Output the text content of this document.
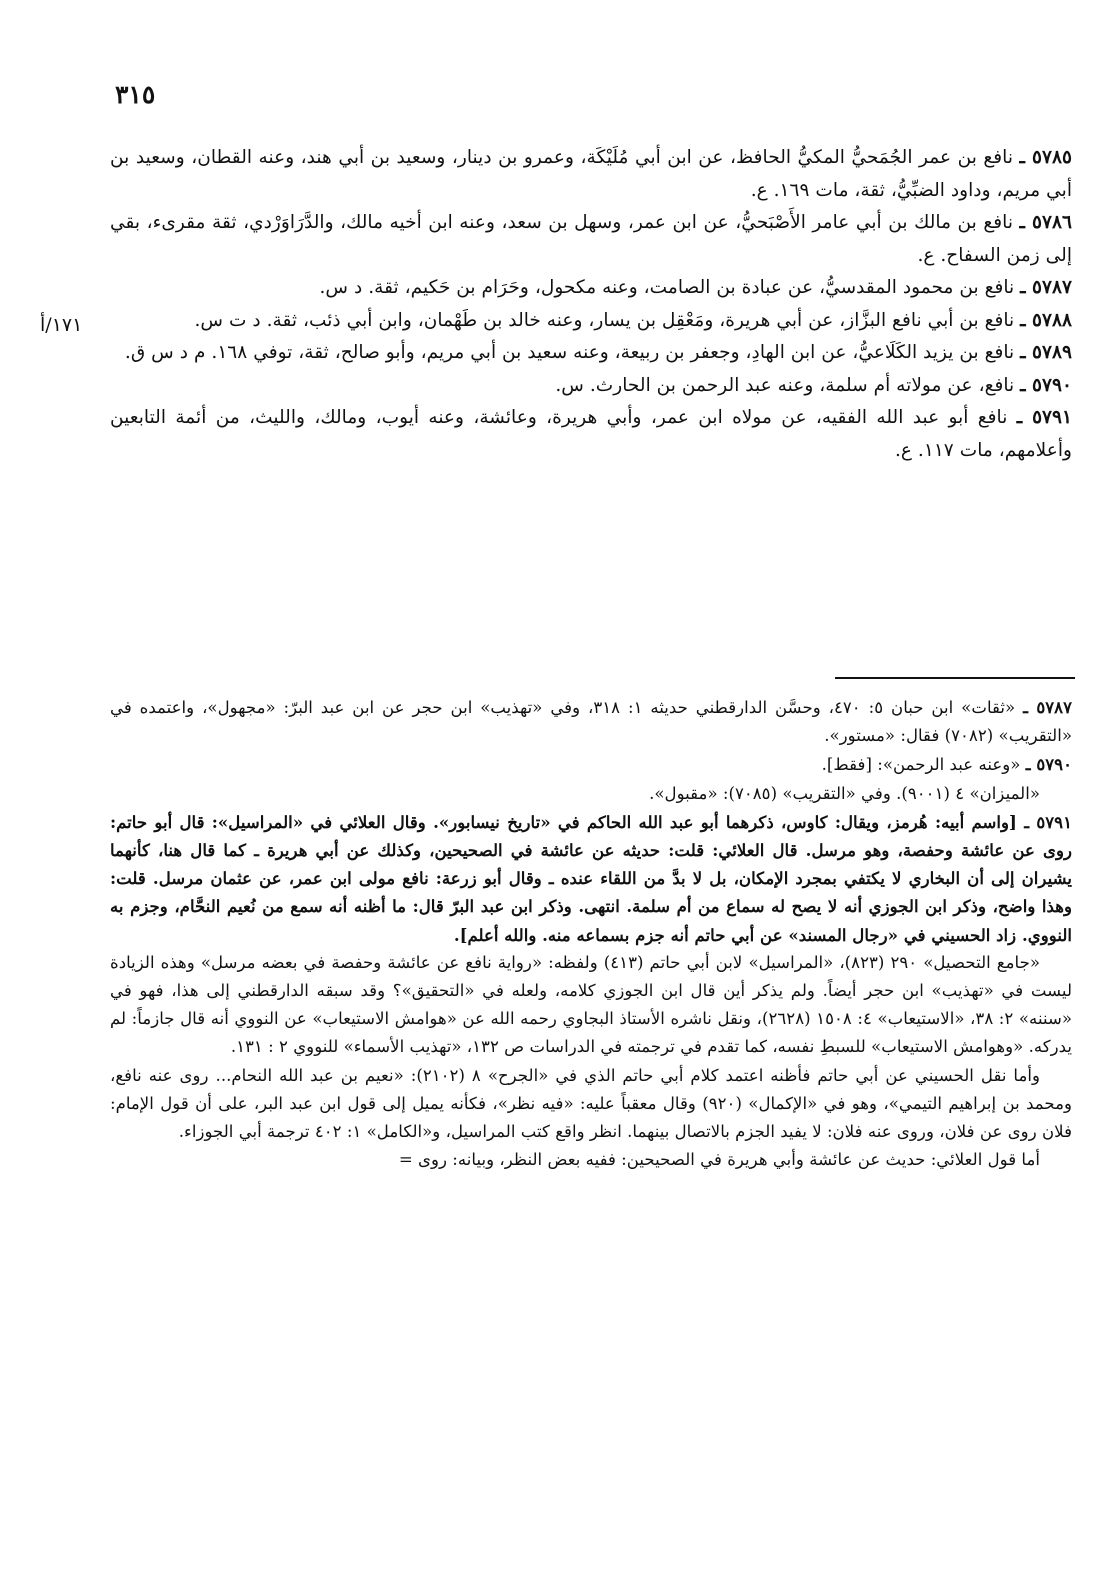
٣١٥
١٧١/أ

٥٧٨٥ ـ نافع بن عمر الجُمَحيُّ المكيُّ الحافظ، عن ابن أبي مُلَيْكَة، وعمرو بن دينار، وسعيد بن أبي هند، وعنه القطان، وسعيد بن أبي مريم، وداود الضبِّيُّ، ثقة، مات ١٦٩. ع.

٥٧٨٦ ـ نافع بن مالك بن أبي عامر الأَصْبَحيُّ، عن ابن عمر، وسهل بن سعد، وعنه ابن أخيه مالك، والدَّرَاوَرْدي، ثقة مقرىء، بقي إلى زمن السفاح. ع.

٥٧٨٧ ـ نافع بن محمود المقدسيُّ، عن عبادة بن الصامت، وعنه مكحول، وحَرَام بن حَكيم، ثقة. د س.

٥٧٨٨ ـ نافع بن أبي نافع البزَّاز، عن أبي هريرة، ومَعْقِل بن يسار، وعنه خالد بن طَهْمان، وابن أبي ذئب، ثقة. د ت س.

٥٧٨٩ ـ نافع بن يزيد الكَلَاعيُّ، عن ابن الهادِ، وجعفر بن ربيعة، وعنه سعيد بن أبي مريم، وأبو صالح، ثقة، توفي ١٦٨. م د س ق.

٥٧٩٠ ـ نافع، عن مولاته أم سلمة، وعنه عبد الرحمن بن الحارث. س.

٥٧٩١ ـ نافع أبو عبد الله الفقيه، عن مولاه ابن عمر، وأبي هريرة، وعائشة، وعنه أيوب، ومالك، والليث، من أئمة التابعين وأعلامهم، مات ١١٧. ع.

٥٧٨٧ ـ «ثقات» ابن حبان ٥: ٤٧٠، وحسَّن الدارقطني حديثه ١: ٣١٨، وفي «تهذيب» ابن حجر عن ابن عبد البرّ: «مجهول»، واعتمده في «التقريب» (٧٠٨٢) فقال: «مستور».

٥٧٩٠ ـ «وعنه عبد الرحمن»: [فقط].

«الميزان» ٤ (٩٠٠١). وفي «التقريب» (٧٠٨٥): «مقبول».

٥٧٩١ ـ [واسم أبيه: هُرمز، ويقال: كاوس، ذكرهما أبو عبد الله الحاكم في «تاريخ نيسابور». وقال العلائي في «المراسيل»: قال أبو حاتم: روى عن عائشة وحفصة، وهو مرسل. قال العلائي: قلت: حديثه عن عائشة في الصحيحين، وكذلك عن أبي هريرة ـ كما قال هنا، كأنهما يشيران إلى أن البخاري لا يكتفي بمجرد الإمكان، بل لا بدَّ من اللقاء عنده ـ وقال أبو زرعة: نافع مولى ابن عمر، عن عثمان مرسل. قلت: وهذا واضح، وذكر ابن الجوزي أنه لا يصح له سماع من أم سلمة. انتهى. وذكر ابن عبد البرّ قال: ما أظنه أنه سمع من نُعيم النحَّام، وجزم به النووي. زاد الحسيني في «رجال المسند» عن أبي حاتم أنه جزم بسماعه منه. والله أعلم].

«جامع التحصيل» ٢٩٠ (٨٢٣)، «المراسيل» لابن أبي حاتم (٤١٣) ولفظه: «رواية نافع عن عائشة وحفصة في بعضه مرسل» وهذه الزيادة ليست في «تهذيب» ابن حجر أيضاً. ولم يذكر أين قال ابن الجوزي كلامه، ولعله في «التحقيق»؟ وقد سبقه الدارقطني إلى هذا، فهو في «سننه» ٢: ٣٨، «الاستيعاب» ٤: ١٥٠٨ (٢٦٢٨)، ونقل ناشره الأستاذ البجاوي رحمه الله عن «هوامش الاستيعاب» عن النووي أنه قال جازماً: لم يدركه. «وهوامش الاستيعاب» للسبطِ نفسه، كما تقدم في ترجمته في الدراسات ص ١٣٢، «تهذيب الأسماء» للنووي ٢ : ١٣١.

وأما نقل الحسيني عن أبي حاتم فأظنه اعتمد كلام أبي حاتم الذي في «الجرح» ٨ (٢١٠٢): «نعيم بن عبد الله النحام... روى عنه نافع، ومحمد بن إبراهيم التيمي»، وهو في «الإكمال» (٩٢٠) وقال معقباً عليه: «فيه نظر»، فكأنه يميل إلى قول ابن عبد البر، على أن قول الإمام: فلان روى عن فلان، وروى عنه فلان: لا يفيد الجزم بالاتصال بينهما. انظر واقع كتب المراسيل، و«الكامل» ١: ٤٠٢ ترجمة أبي الجوزاء.

أما قول العلائي: حديث عن عائشة وأبي هريرة في الصحيحين: ففيه بعض النظر، وبيانه: روى =
